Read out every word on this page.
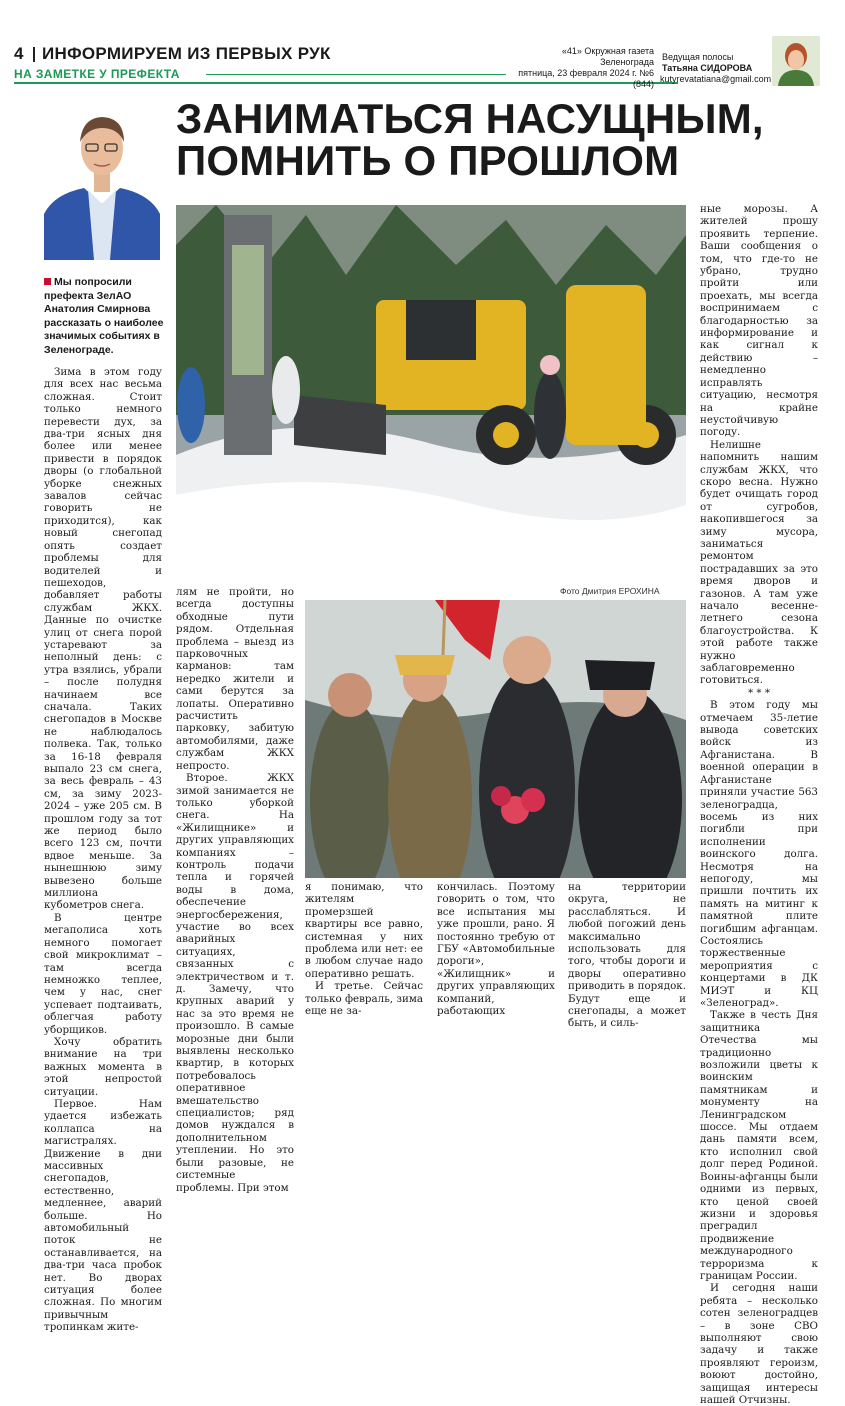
4 ИНФОРМИРУЕМ ИЗ ПЕРВЫХ РУК
НА ЗАМЕТКЕ У ПРЕФЕКТА
«41» Окружная газета Зеленограда
пятница, 23 февраля 2024 г. №6 (844)
Ведущая полосы
Татьяна СИДОРОВА
kutyrevatatiana@gmail.com
ЗАНИМАТЬСЯ НАСУЩНЫМ,
ПОМНИТЬ О ПРОШЛОМ
Мы попросили префекта ЗелАО Анатолия Смирнова рассказать о наиболее значимых событиях в Зеленограде.

Зима в этом году для всех нас весьма сложная. Стоит только немного перевести дух, за два-три ясных дня более или менее привести в порядок дворы (о глобальной уборке снежных завалов сейчас говорить не приходится), как новый снегопад опять создает проблемы для водителей и пешеходов, добавляет работы службам ЖКХ. Данные по очистке улиц от снега порой устаревают за неполный день: с утра взялись, убрали – после полудня начинаем все сначала. Таких снегопадов в Москве не наблюдалось полвека. Так, только за 16-18 февраля выпало 23 см снега, за весь февраль – 43 см, за зиму 2023-2024 – уже 205 см. В прошлом году за тот же период было всего 123 см, почти вдвое меньше. За нынешнюю зиму вывезено больше миллиона кубометров снега.

В центре мегаполиса хоть немного помогает свой микроклимат – там всегда немножко теплее, чем у нас, снег успевает подтаивать, облегчая работу уборщиков.

Хочу обратить внимание на три важных момента в этой непростой ситуации.

Первое. Нам удается избежать коллапса на магистралях. Движение в дни массивных снегопадов, естественно, медленнее, аварий больше. Но автомобильный поток не останавливается, на два-три часа пробок нет. Во дворах ситуация более сложная. По многим привычным тропинкам жите-

Фото Дмитрия ЕРОХИНА

лям не пройти, но всегда доступны обходные пути рядом. Отдельная проблема – выезд из парковочных карманов: там нередко жители и сами берутся за лопаты. Оперативно расчистить парковку, забитую автомобилями, даже службам ЖКХ непросто.

Второе. ЖКХ зимой занимается не только уборкой снега. На «Жилищнике» и других управляющих компаниях – контроль подачи тепла и горячей воды в дома, обеспечение энергосбережения, участие во всех аварийных ситуациях, связанных с электричеством и т. д. Замечу, что крупных аварий у нас за это время не произошло. В самые морозные дни были выявлены несколько квартир, в которых потребовалось оперативное вмешательство специалистов; ряд домов нуждался в дополнительном утеплении. Но это были разовые, не системные проблемы. При этом

я понимаю, что жителям промерзшей квартиры все равно, системная у них проблема или нет: ее в любом случае надо оперативно решать.

И третье. Сейчас только февраль, зима еще не за-

кончилась. Поэтому говорить о том, что все испытания мы уже прошли, рано. Я постоянно требую от ГБУ «Автомобильные дороги», «Жилищник» и других управляющих компаний, работающих

на территории округа, не расслабляться. И любой погожий день максимально использовать для того, чтобы дороги и дворы оперативно приводить в порядок. Будут еще и снегопады, а может быть, и силь-

ные морозы. А жителей прошу проявить терпение. Ваши сообщения о том, что где-то не убрано, трудно пройти или проехать, мы всегда воспринимаем с благодарностью за информирование и как сигнал к действию – немедленно исправлять ситуацию, несмотря на крайне неустойчивую погоду.

Нелишне напомнить нашим службам ЖКХ, что скоро весна. Нужно будет очищать город от сугробов, накопившегося за зиму мусора, заниматься ремонтом пострадавших за это время дворов и газонов. А там уже начало весенне-летнего сезона благоустройства. К этой работе также нужно заблаговременно готовиться.

* * *

В этом году мы отмечаем 35-летие вывода советских войск из Афганистана. В военной операции в Афганистане приняли участие 563 зеленоградца, восемь из них погибли при исполнении воинского долга. Несмотря на непогоду, мы пришли почтить их память на митинг к памятной плите погибшим афганцам. Состоялись торжественные мероприятия с концертами в ДК МИЭТ и КЦ «Зеленоград».

Также в честь Дня защитника Отечества мы традиционно возложили цветы к воинским памятникам и монументу на Ленинградском шоссе. Мы отдаем дань памяти всем, кто исполнил свой долг перед Родиной. Воины-афганцы были одними из первых, кто ценой своей жизни и здоровья преградил продвижение международного терроризма к границам России.

И сегодня наши ребята – несколько сотен зеленоградцев – в зоне СВО выполняют свою задачу и также проявляют героизм, воюют достойно, защищая интересы нашей Отчизны.
